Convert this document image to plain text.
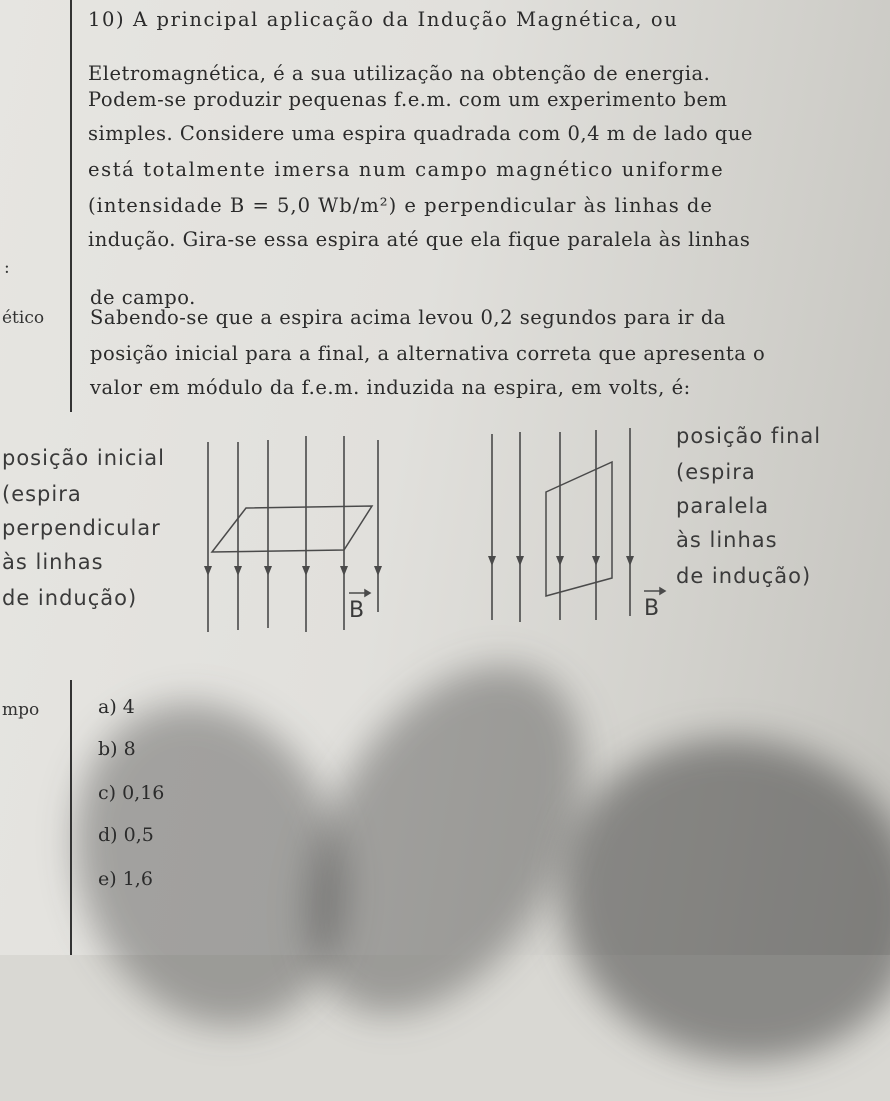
:
ético
mpo
10) A principal aplicação da Indução Magnética, ou
Eletromagnética, é a sua utilização na obtenção de energia.
Podem-se produzir pequenas f.e.m. com um experimento bem
simples. Considere uma espira quadrada com 0,4 m de lado que
está totalmente imersa num campo magnético uniforme
(intensidade B = 5,0 Wb/m²) e perpendicular às linhas de
indução. Gira-se essa espira até que ela fique paralela às linhas
de campo.
Sabendo-se que a espira acima levou 0,2 segundos para ir da
posição inicial para a final, a alternativa correta que apresenta o
valor em módulo da f.e.m. induzida na espira, em volts, é:
B	B
posição inicial
(espira
perpendicular
às linhas
de indução)
posição final
(espira
paralela
às linhas
de indução)
a) 4
b) 8
c) 0,16
d) 0,5
e) 1,6
